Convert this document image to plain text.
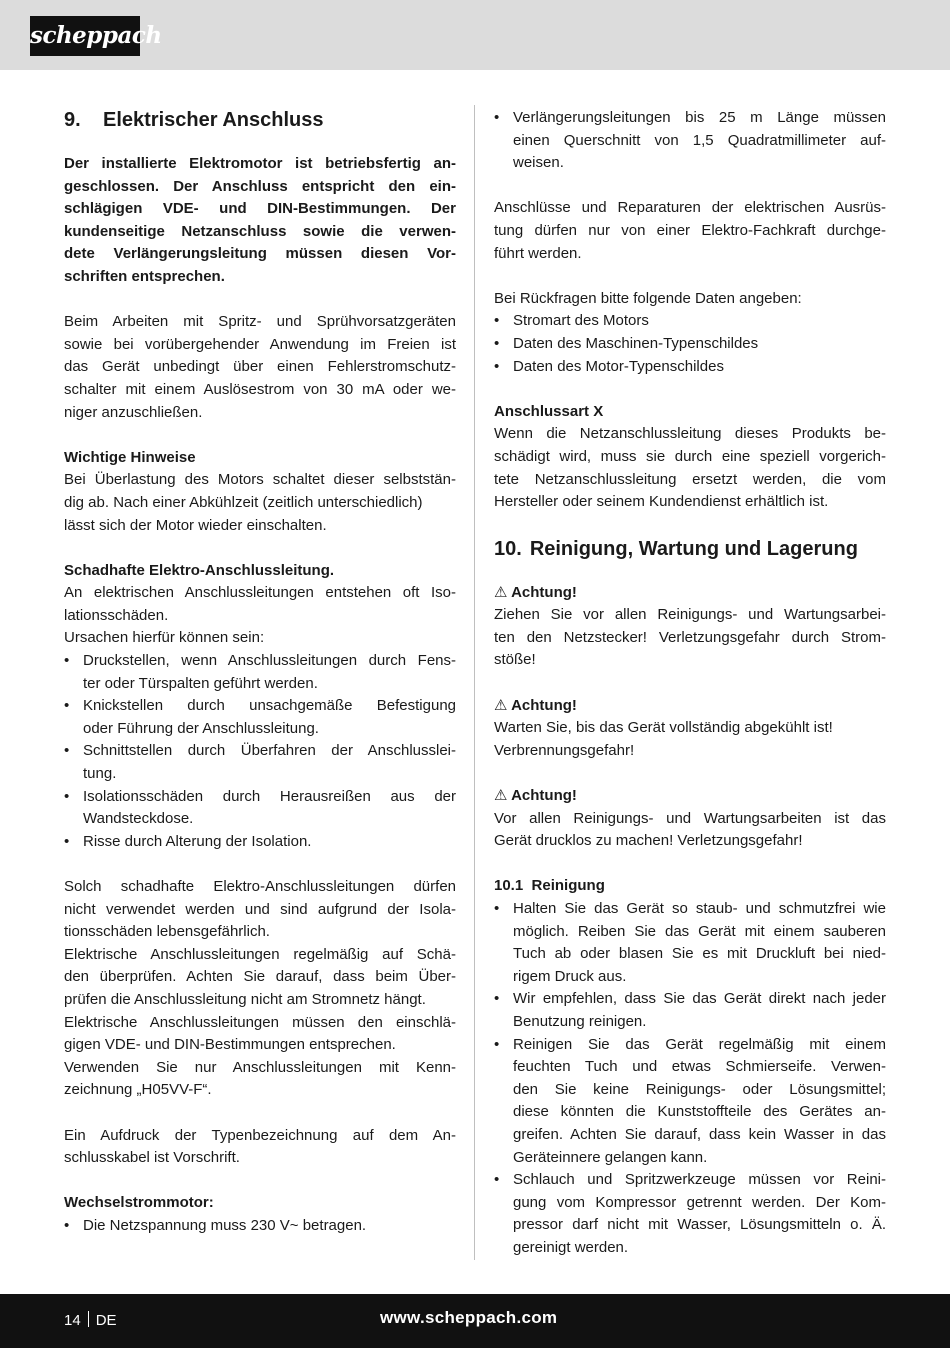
scheppach
9. Elektrischer Anschluss

Der installierte Elektromotor ist betriebsfertig an-

geschlossen. Der Anschluss entspricht den ein-

schlägigen VDE- und DIN-Bestimmungen. Der

kundenseitige Netzanschluss sowie die verwen-

dete Verlängerungsleitung müssen diesen Vor-

schriften entsprechen.

Beim Arbeiten mit Spritz- und Sprühvorsatzgeräten

sowie bei vorübergehender Anwendung im Freien ist

das Gerät unbedingt über einen Fehlerstromschutz-

schalter mit einem Auslösestrom von 30 mA oder we-

niger anzuschließen.

Wichtige Hinweise

Bei Überlastung des Motors schaltet dieser selbststän-

dig ab. Nach einer Abkühlzeit (zeitlich unterschiedlich)

lässt sich der Motor wieder einschalten.

Schadhafte Elektro-Anschlussleitung.

An elektrischen Anschlussleitungen entstehen oft Iso-

lationsschäden.

Ursachen hierfür können sein:

• Druckstellen, wenn Anschlussleitungen durch Fens-
ter oder Türspalten geführt werden.
• Knickstellen durch unsachgemäße Befestigung
oder Führung der Anschlussleitung.
• Schnittstellen durch Überfahren der Anschlusslei-
tung.
• Isolationsschäden durch Herausreißen aus der
Wandsteckdose.
• Risse durch Alterung der Isolation.

Solch schadhafte Elektro-Anschlussleitungen dürfen

nicht verwendet werden und sind aufgrund der Isola-

tionsschäden lebensgefährlich.

Elektrische Anschlussleitungen regelmäßig auf Schä-

den überprüfen. Achten Sie darauf, dass beim Über-

prüfen die Anschlussleitung nicht am Stromnetz hängt.

Elektrische Anschlussleitungen müssen den einschlä-

gigen VDE- und DIN-Bestimmungen entsprechen.

Verwenden Sie nur Anschlussleitungen mit Kenn-

zeichnung „H05VV-F“.

Ein Aufdruck der Typenbezeichnung auf dem An-

schlusskabel ist Vorschrift.

Wechselstrommotor:

• Die Netzspannung muss 230 V~ betragen.
• Verlängerungsleitungen bis 25 m Länge müssen
einen Querschnitt von 1,5 Quadratmillimeter auf-
weisen.

Anschlüsse und Reparaturen der elektrischen Ausrüs-

tung dürfen nur von einer Elektro-Fachkraft durchge-

führt werden.

Bei Rückfragen bitte folgende Daten angeben:

• Stromart des Motors
• Daten des Maschinen-Typenschildes
• Daten des Motor-Typenschildes

Anschlussart X

Wenn die Netzanschlussleitung dieses Produkts be-

schädigt wird, muss sie durch eine speziell vorgerich-

tete Netzanschlussleitung ersetzt werden, die vom

Hersteller oder seinem Kundendienst erhältlich ist.

10. Reinigung, Wartung und Lagerung

⚠ Achtung!

Ziehen Sie vor allen Reinigungs- und Wartungsarbei-

ten den Netzstecker! Verletzungsgefahr durch Strom-

stöße!

⚠ Achtung!

Warten Sie, bis das Gerät vollständig abgekühlt ist!

Verbrennungsgefahr!

⚠ Achtung!

Vor allen Reinigungs- und Wartungsarbeiten ist das

Gerät drucklos zu machen! Verletzungsgefahr!

10.1  Reinigung

• Halten Sie das Gerät so staub- und schmutzfrei wie
möglich. Reiben Sie das Gerät mit einem sauberen
Tuch ab oder blasen Sie es mit Druckluft bei nied-
rigem Druck aus.
• Wir empfehlen, dass Sie das Gerät direkt nach jeder
Benutzung reinigen.
• Reinigen Sie das Gerät regelmäßig mit einem
feuchten Tuch und etwas Schmierseife. Verwen-
den Sie keine Reinigungs- oder Lösungsmittel;
diese könnten die Kunststoffteile des Gerätes an-
greifen. Achten Sie darauf, dass kein Wasser in das
Geräteinnere gelangen kann.
• Schlauch und Spritzwerkzeuge müssen vor Reini-
gung vom Kompressor getrennt werden. Der Kom-
pressor darf nicht mit Wasser, Lösungsmitteln o. Ä.
gereinigt werden.
14 DE	www.scheppach.com
